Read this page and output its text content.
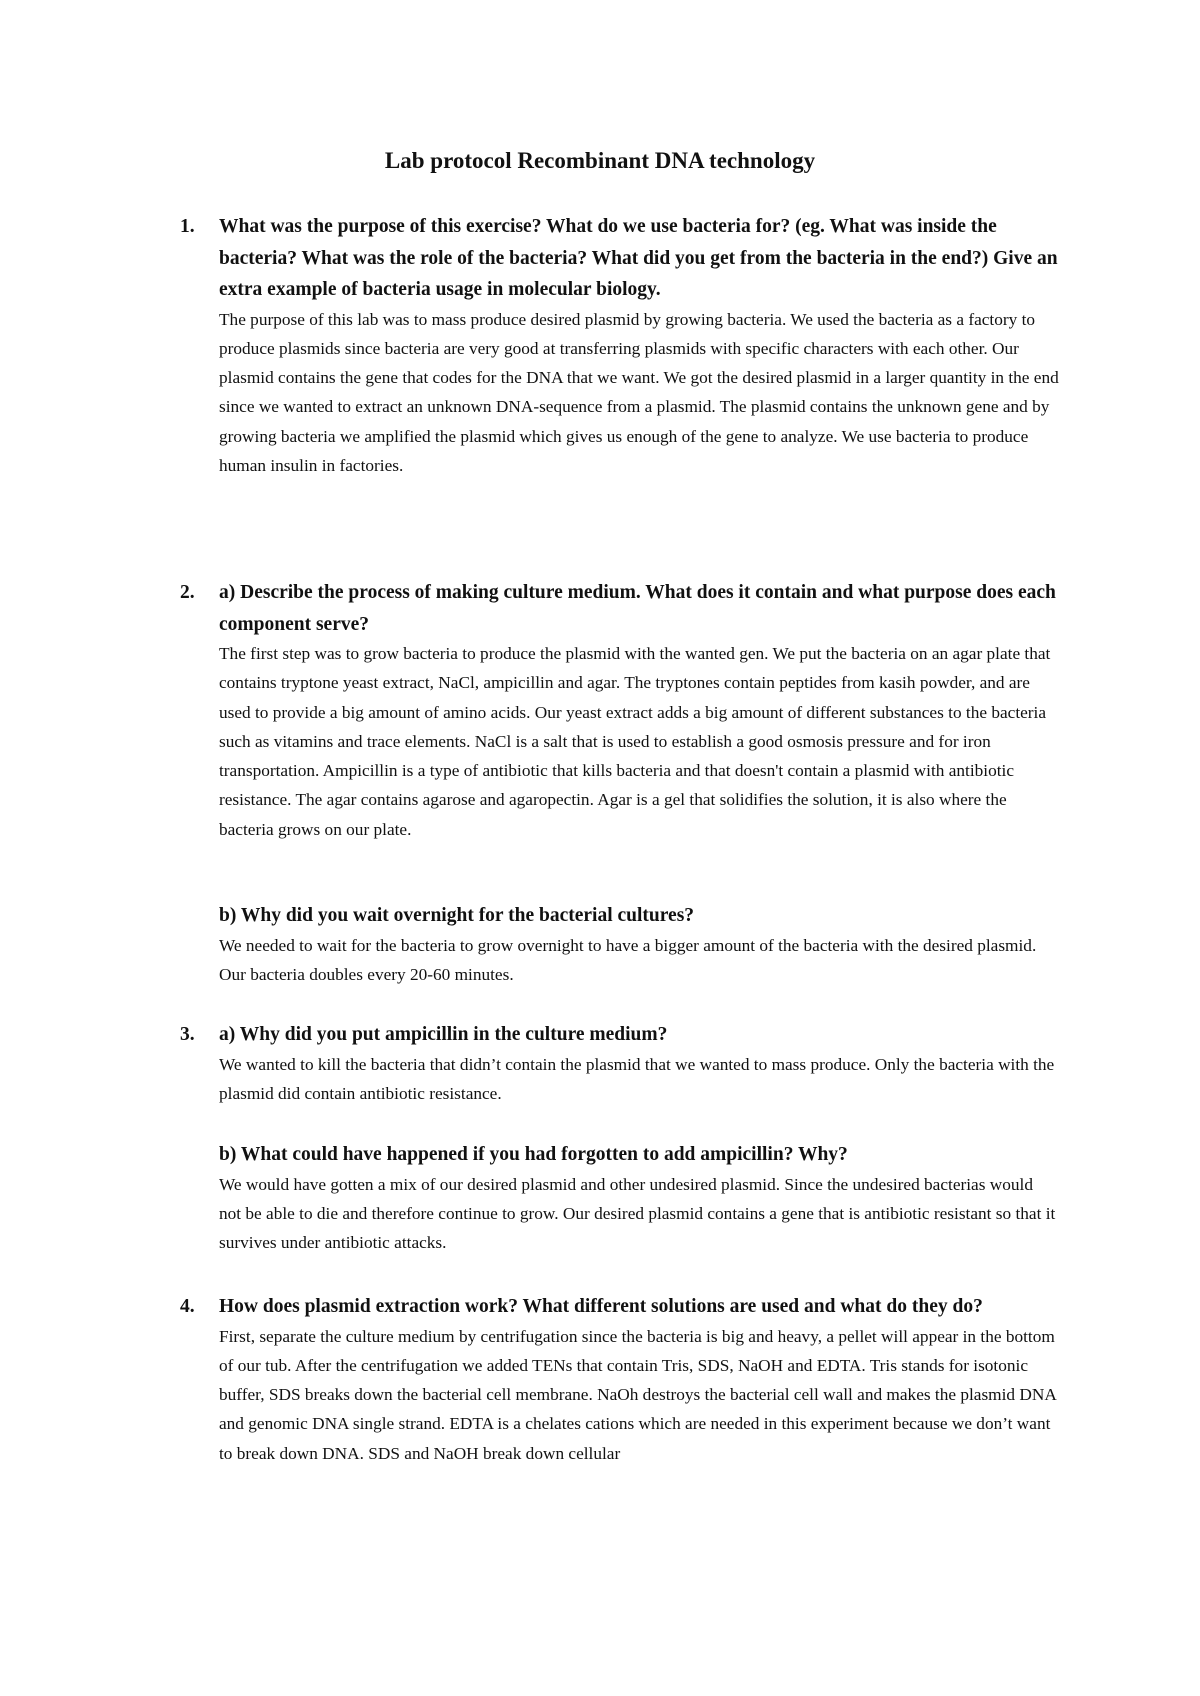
Lab protocol Recombinant DNA technology
1. What was the purpose of this exercise? What do we use bacteria for? (eg. What was inside the bacteria? What was the role of the bacteria? What did you get from the bacteria in the end?) Give an extra example of bacteria usage in molecular biology.

The purpose of this lab was to mass produce desired plasmid by growing bacteria. We used the bacteria as a factory to produce plasmids since bacteria are very good at transferring plasmids with specific characters with each other. Our plasmid contains the gene that codes for the DNA that we want. We got the desired plasmid in a larger quantity in the end since we wanted to extract an unknown DNA-sequence from a plasmid. The plasmid contains the unknown gene and by growing bacteria we amplified the plasmid which gives us enough of the gene to analyze. We use bacteria to produce human insulin in factories.

2. a) Describe the process of making culture medium. What does it contain and what purpose does each component serve?

The first step was to grow bacteria to produce the plasmid with the wanted gen. We put the bacteria on an agar plate that contains tryptone yeast extract, NaCl, ampicillin and agar. The tryptones contain peptides from kasih powder, and are used to provide a big amount of amino acids. Our yeast extract adds a big amount of different substances to the bacteria such as vitamins and trace elements. NaCl is a salt that is used to establish a good osmosis pressure and for iron transportation. Ampicillin is a type of antibiotic that kills bacteria and that doesn't contain a plasmid with antibiotic resistance. The agar contains agarose and agaropectin. Agar is a gel that solidifies the solution, it is also where the bacteria grows on our plate.

b) Why did you wait overnight for the bacterial cultures?

We needed to wait for the bacteria to grow overnight to have a bigger amount of the bacteria with the desired plasmid. Our bacteria doubles every 20-60 minutes.

3. a) Why did you put ampicillin in the culture medium?

We wanted to kill the bacteria that didn’t contain the plasmid that we wanted to mass produce. Only the bacteria with the plasmid did contain antibiotic resistance.

b) What could have happened if you had forgotten to add ampicillin? Why?

We would have gotten a mix of our desired plasmid and other undesired plasmid. Since the undesired bacterias would not be able to die and therefore continue to grow. Our desired plasmid contains a gene that is antibiotic resistant so that it survives under antibiotic attacks.

4. How does plasmid extraction work? What different solutions are used and what do they do?

First, separate the culture medium by centrifugation since the bacteria is big and heavy, a pellet will appear in the bottom of our tub. After the centrifugation we added TENs that contain Tris, SDS, NaOH and EDTA. Tris stands for isotonic buffer, SDS breaks down the bacterial cell membrane. NaOh destroys the bacterial cell wall and makes the plasmid DNA and genomic DNA single strand. EDTA is a chelates cations which are needed in this experiment because we don’t want to break down DNA. SDS and NaOH break down cellular
